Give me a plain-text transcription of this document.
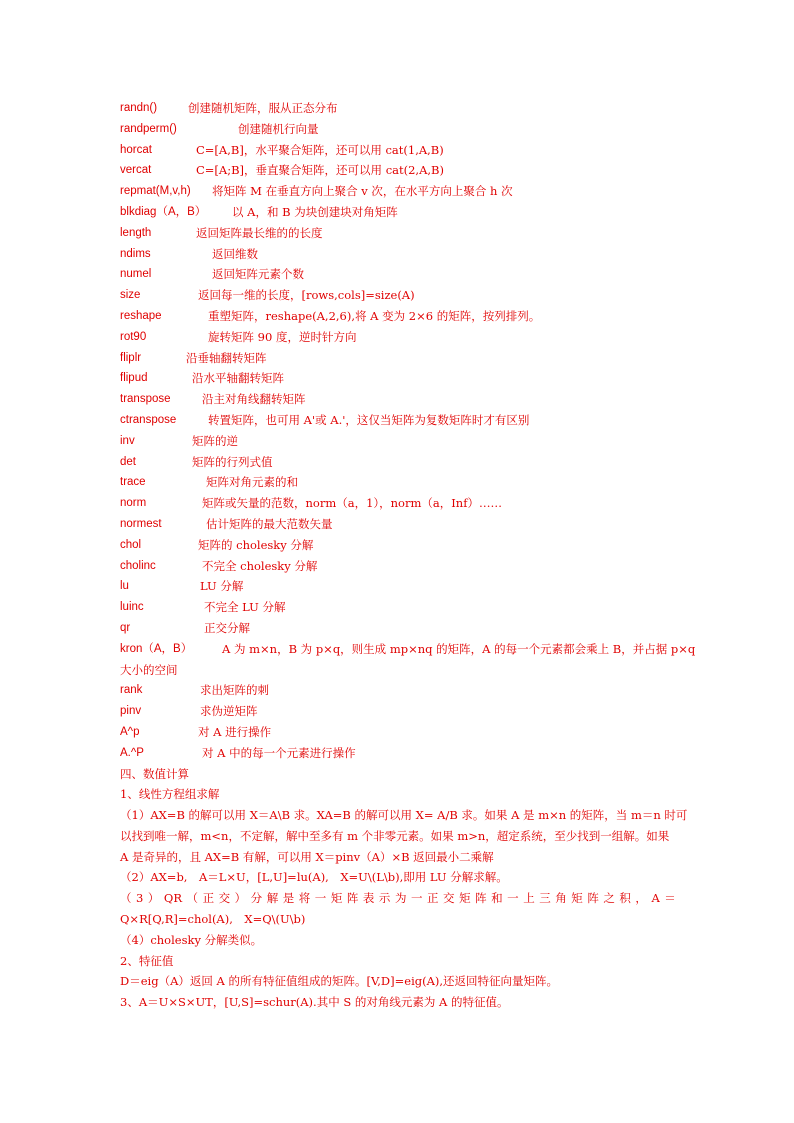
randn()	创建随机矩阵，服从正态分布
randperm()	创建随机行向量
horcat	C=[A,B]，水平聚合矩阵，还可以用 cat(1,A,B)
vercat	C=[A;B]，垂直聚合矩阵，还可以用 cat(2,A,B)
repmat(M,v,h) 将矩阵 M 在垂直方向上聚合 v 次，在水平方向上聚合 h 次
blkdiag（A，B） 以 A，和 B 为块创建块对角矩阵
length	返回矩阵最长维的的长度
ndims	返回维数
numel	返回矩阵元素个数
size	返回每一维的长度，[rows,cols]=size(A)
reshape	重塑矩阵，reshape(A,2,6),将 A 变为 2×6 的矩阵，按列排列。
rot90	旋转矩阵 90 度，逆时针方向
fliplr	沿垂轴翻转矩阵
flipud	沿水平轴翻转矩阵
transpose	沿主对角线翻转矩阵
ctranspose	转置矩阵，也可用 A'或 A.'，这仅当矩阵为复数矩阵时才有区别
inv	矩阵的逆
det	矩阵的行列式值
trace	矩阵对角元素的和
norm	矩阵或矢量的范数，norm（a，1），norm（a，Inf）……
normest	估计矩阵的最大范数矢量
chol	矩阵的 cholesky 分解
cholinc	不完全 cholesky 分解
lu	LU 分解
luinc	不完全 LU 分解
qr	正交分解
kron（A，B）	A 为 m×n，B 为 p×q，则生成 mp×nq 的矩阵，A 的每一个元素都会乘上 B，并占据 p×q
大小的空间
rank	求出矩阵的刺
pinv	求伪逆矩阵
A^p	对 A 进行操作
A.^P	对 A 中的每一个元素进行操作
四、数值计算
1、线性方程组求解
（1）AX=B 的解可以用 X＝A\B 求。XA=B 的解可以用 X= A/B 求。如果 A 是 m×n 的矩阵，当 m＝n 时可
以找到唯一解，m<n，不定解，解中至多有 m 个非零元素。如果 m>n，超定系统，至少找到一组解。如果
A 是奇异的，且 AX=B 有解，可以用 X＝pinv（A）×B 返回最小二乘解
（2）AX=b,　A＝L×U，[L,U]=lu(A),　X=U\(L\b),即用 LU 分解求解。
（ 3 ） QR （ 正 交 ） 分 解 是 将 一 矩 阵 表 示 为 一 正 交 矩 阵 和 一 上 三 角 矩 阵 之 积 ， A ＝
Q×R[Q,R]=chol(A),　X=Q\(U\b)
（4）cholesky 分解类似。
2、特征值
D＝eig（A）返回 A 的所有特征值组成的矩阵。[V,D]=eig(A),还返回特征向量矩阵。
3、A＝U×S×UT，[U,S]=schur(A).其中 S 的对角线元素为 A 的特征值。
